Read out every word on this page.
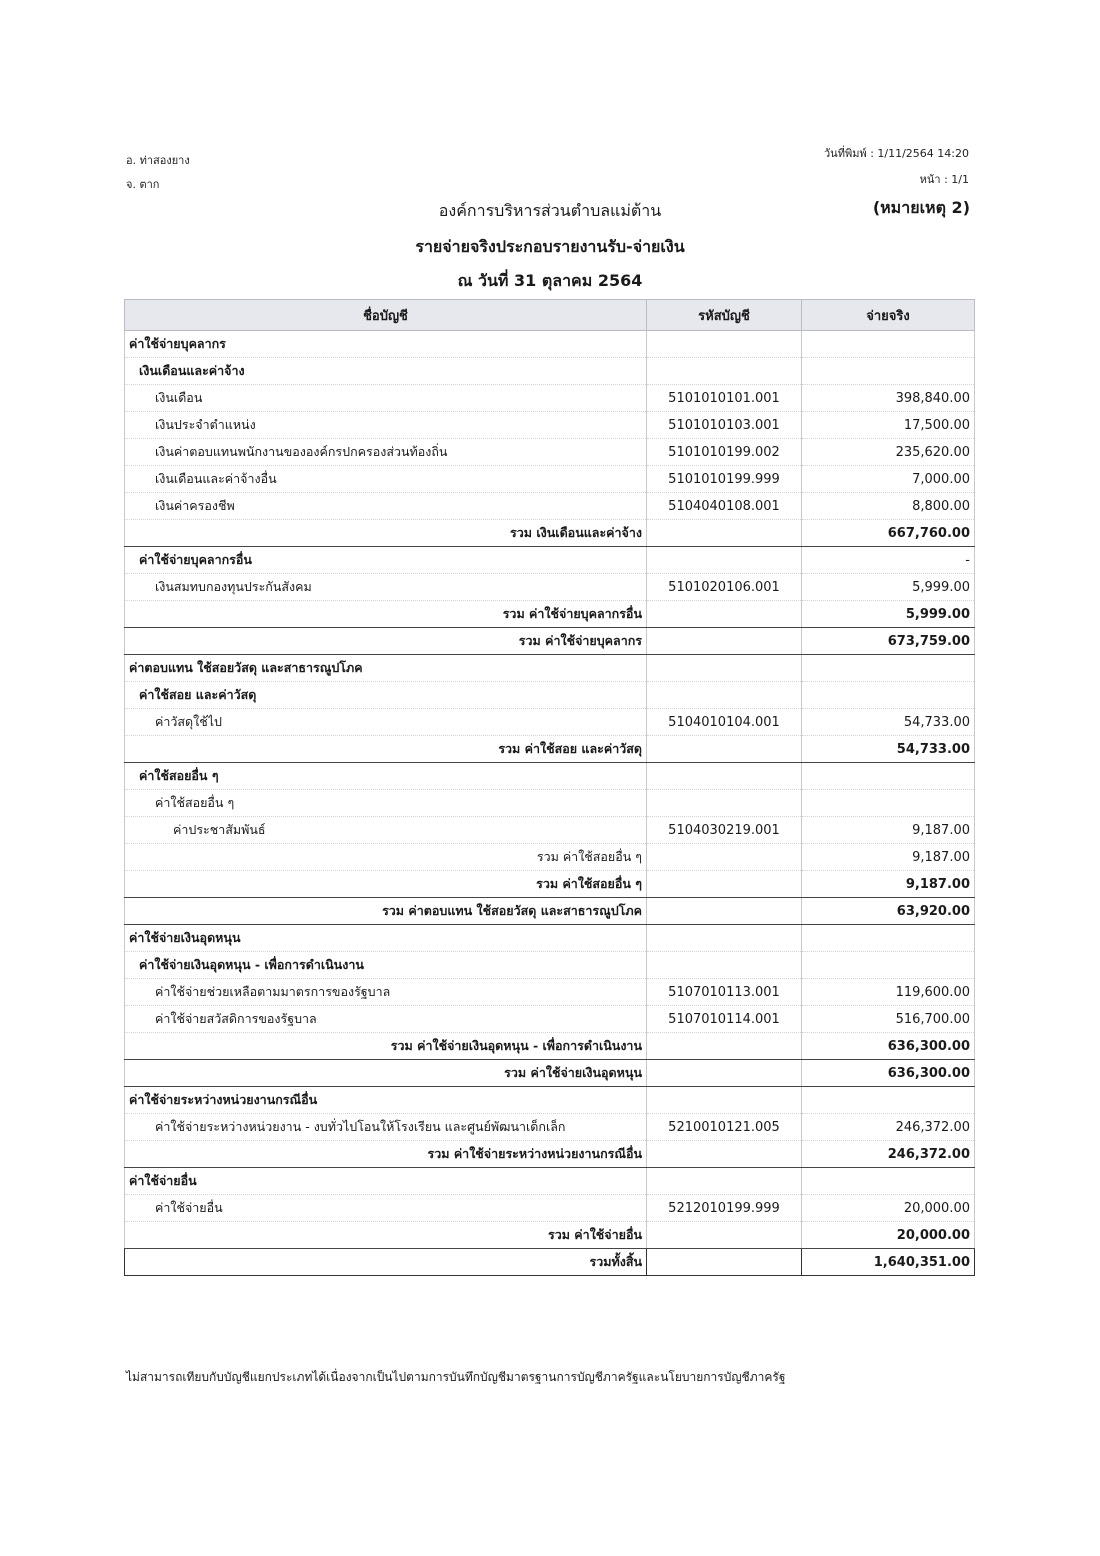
อ. ท่าสองยาง
จ. ตาก
วันที่พิมพ์ : 1/11/2564 14:20
หน้า : 1/1
(หมายเหตุ 2)
องค์การบริหารส่วนตำบลแม่ต้าน
รายจ่ายจริงประกอบรายงานรับ-จ่ายเงิน
ณ วันที่ 31 ตุลาคม 2564
ชื่อบัญชี	รหัสบัญชี	จ่ายจริง
ค่าใช้จ่ายบุคลากร		
เงินเดือนและค่าจ้าง		
เงินเดือน	5101010101.001	398,840.00
เงินประจำตำแหน่ง	5101010103.001	17,500.00
เงินค่าตอบแทนพนักงานขององค์กรปกครองส่วนท้องถิ่น	5101010199.002	235,620.00
เงินเดือนและค่าจ้างอื่น	5101010199.999	7,000.00
เงินค่าครองชีพ	5104040108.001	8,800.00
รวม เงินเดือนและค่าจ้าง		667,760.00
ค่าใช้จ่ายบุคลากรอื่น		-
เงินสมทบกองทุนประกันสังคม	5101020106.001	5,999.00
รวม ค่าใช้จ่ายบุคลากรอื่น		5,999.00
รวม ค่าใช้จ่ายบุคลากร		673,759.00
ค่าตอบแทน ใช้สอยวัสดุ และสาธารณูปโภค		
ค่าใช้สอย และค่าวัสดุ		
ค่าวัสดุใช้ไป	5104010104.001	54,733.00
รวม ค่าใช้สอย และค่าวัสดุ		54,733.00
ค่าใช้สอยอื่น ๆ		
ค่าใช้สอยอื่น ๆ		
ค่าประชาสัมพันธ์	5104030219.001	9,187.00
รวม ค่าใช้สอยอื่น ๆ		9,187.00
รวม ค่าใช้สอยอื่น ๆ		9,187.00
รวม ค่าตอบแทน ใช้สอยวัสดุ และสาธารณูปโภค		63,920.00
ค่าใช้จ่ายเงินอุดหนุน		
ค่าใช้จ่ายเงินอุดหนุน - เพื่อการดำเนินงาน		
ค่าใช้จ่ายช่วยเหลือตามมาตรการของรัฐบาล	5107010113.001	119,600.00
ค่าใช้จ่ายสวัสดิการของรัฐบาล	5107010114.001	516,700.00
รวม ค่าใช้จ่ายเงินอุดหนุน - เพื่อการดำเนินงาน		636,300.00
รวม ค่าใช้จ่ายเงินอุดหนุน		636,300.00
ค่าใช้จ่ายระหว่างหน่วยงานกรณีอื่น		
ค่าใช้จ่ายระหว่างหน่วยงาน - งบทั่วไปโอนให้โรงเรียน และศูนย์พัฒนาเด็กเล็ก	5210010121.005	246,372.00
รวม ค่าใช้จ่ายระหว่างหน่วยงานกรณีอื่น		246,372.00
ค่าใช้จ่ายอื่น		
ค่าใช้จ่ายอื่น	5212010199.999	20,000.00
รวม ค่าใช้จ่ายอื่น		20,000.00
รวมทั้งสิ้น		1,640,351.00
ไม่สามารถเทียบกับบัญชีแยกประเภทได้เนื่องจากเป็นไปตามการบันทึกบัญชีมาตรฐานการบัญชีภาครัฐและนโยบายการบัญชีภาครัฐ
